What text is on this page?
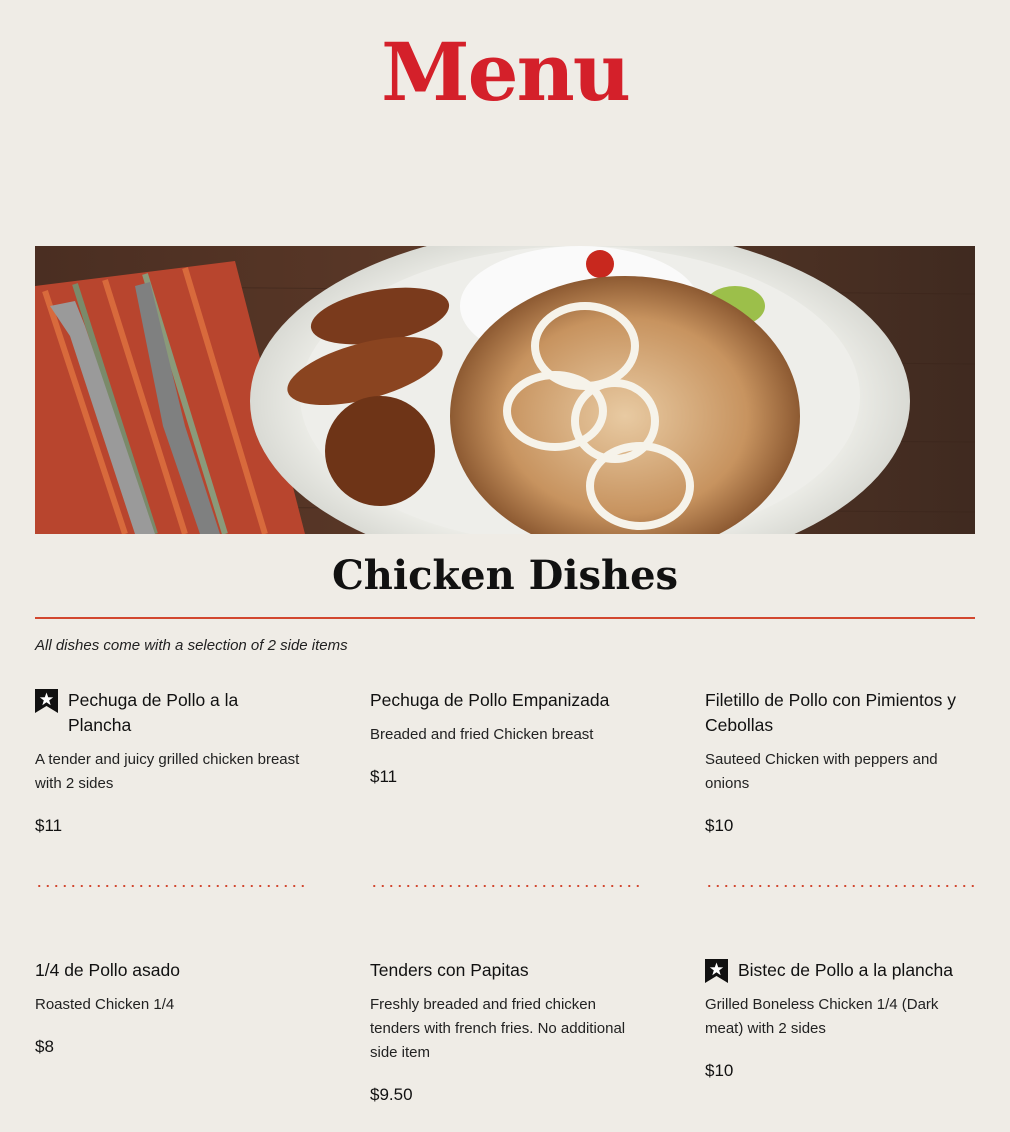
Menu
Chicken Dishes
All dishes come with a selection of 2 side items

Pechuga de Pollo a la Plancha

A tender and juicy grilled chicken breast with 2 sides

$11

Pechuga de Pollo Empanizada

Breaded and fried Chicken breast

$11

Filetillo de Pollo con Pimientos y Cebollas

Sauteed Chicken with peppers and onions

$10

1/4 de Pollo asado

Roasted Chicken 1/4

$8

Tenders con Papitas

Freshly breaded and fried chicken tenders with french fries. No additional side item

$9.50

Bistec de Pollo a la plancha

Grilled Boneless Chicken 1/4 (Dark meat) with 2 sides

$10
